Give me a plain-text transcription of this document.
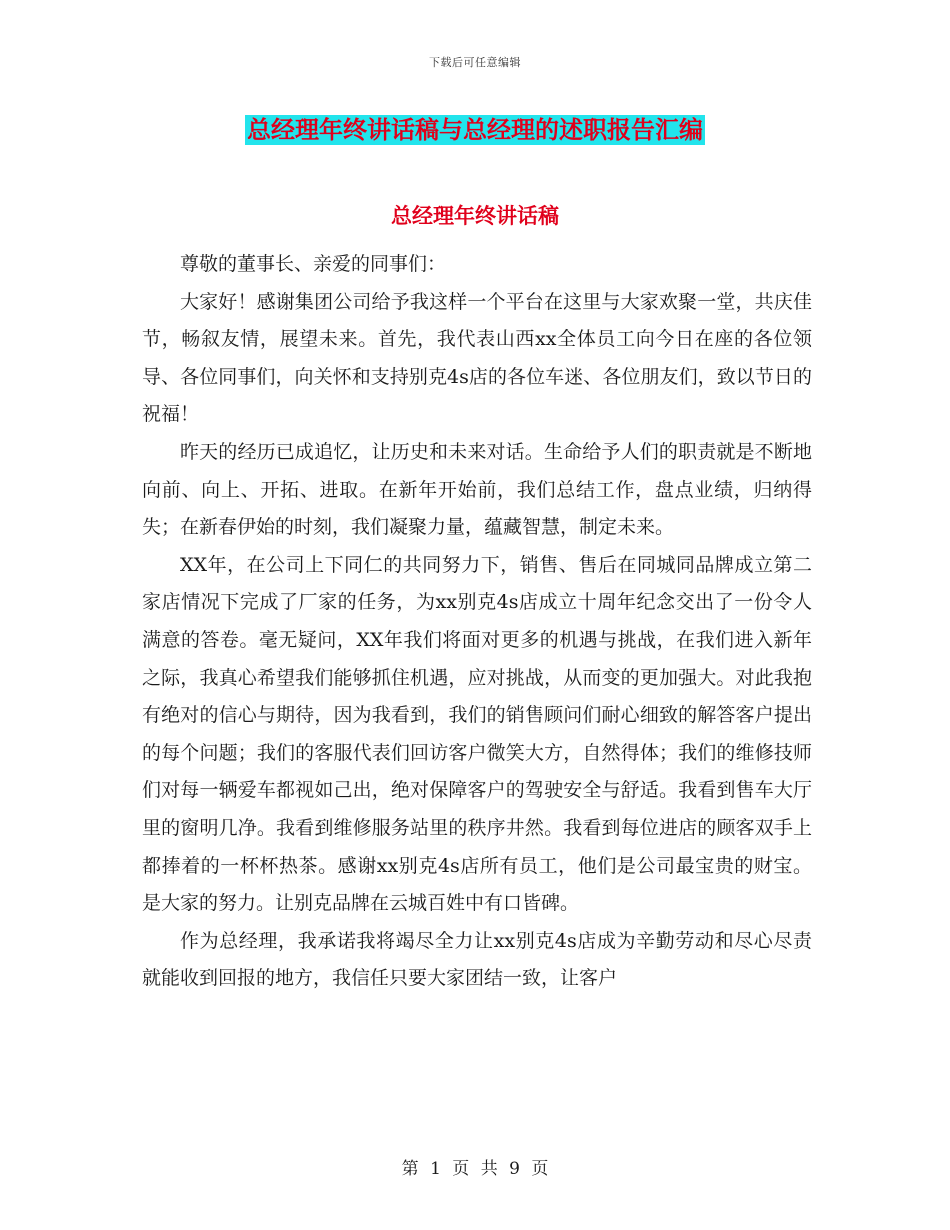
下载后可任意编辑
总经理年终讲话稿与总经理的述职报告汇编
总经理年终讲话稿

尊敬的董事长、亲爱的同事们：

大家好！感谢集团公司给予我这样一个平台在这里与大家欢聚一堂，共庆佳节，畅叙友情，展望未来。首先，我代表山西xx全体员工向今日在座的各位领导、各位同事们，向关怀和支持别克4s店的各位车迷、各位朋友们，致以节日的祝福！

昨天的经历已成追忆，让历史和未来对话。生命给予人们的职责就是不断地向前、向上、开拓、进取。在新年开始前，我们总结工作，盘点业绩，归纳得失；在新春伊始的时刻，我们凝聚力量，蕴藏智慧，制定未来。

XX年，在公司上下同仁的共同努力下，销售、售后在同城同品牌成立第二家店情况下完成了厂家的任务，为xx别克4s店成立十周年纪念交出了一份令人满意的答卷。毫无疑问，XX年我们将面对更多的机遇与挑战，在我们进入新年之际，我真心希望我们能够抓住机遇，应对挑战，从而变的更加强大。对此我抱有绝对的信心与期待，因为我看到，我们的销售顾问们耐心细致的解答客户提出的每个问题；我们的客服代表们回访客户微笑大方，自然得体；我们的维修技师们对每一辆爱车都视如己出，绝对保障客户的驾驶安全与舒适。我看到售车大厅里的窗明几净。我看到维修服务站里的秩序井然。我看到每位进店的顾客双手上都捧着的一杯杯热茶。感谢xx别克4s店所有员工，他们是公司最宝贵的财宝。是大家的努力。让别克品牌在云城百姓中有口皆碑。

作为总经理，我承诺我将竭尽全力让xx别克4s店成为辛勤劳动和尽心尽责就能收到回报的地方，我信任只要大家团结一致，让客户

第 1 页 共 9 页
